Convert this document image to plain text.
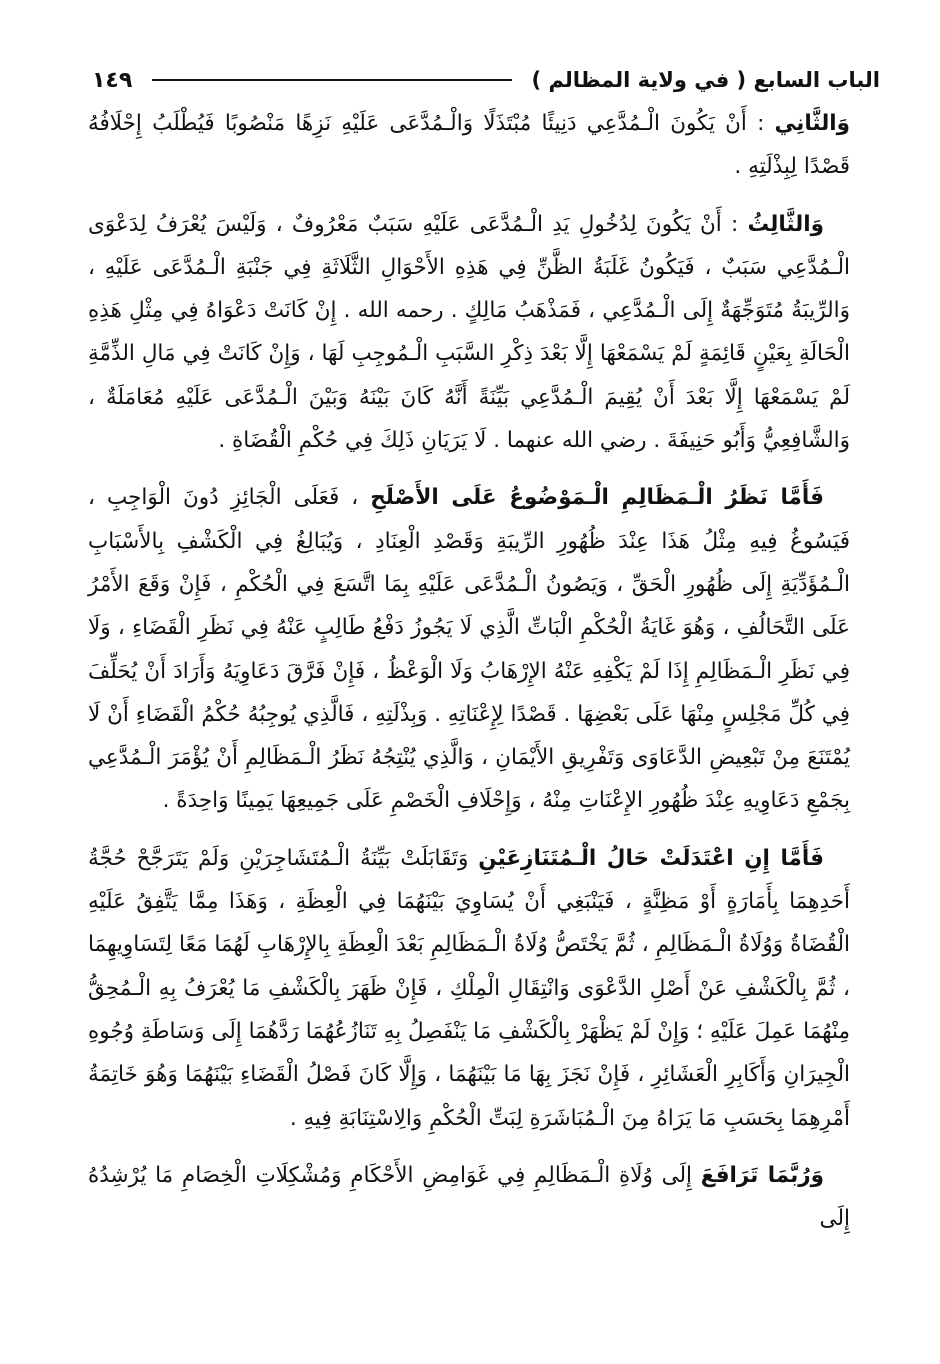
الباب السابع ( في ولاية المظالم )
١٤٩

وَالثَّانِي : أَنْ يَكُونَ الْـمُدَّعِي دَنِيئًا مُبْتَذَلًا وَالْـمُدَّعَى عَلَيْهِ نَزِهًا مَنْصُوبًا فَيُطْلَبُ إِحْلَافُهُ قَصْدًا لِبِذْلَتِهِ .

وَالثَّالِثُ : أَنْ يَكُونَ لِدُخُولِ يَدِ الْـمُدَّعَى عَلَيْهِ سَبَبٌ مَعْرُوفٌ ، وَلَيْسَ يُعْرَفُ لِدَعْوَى الْـمُدَّعِي سَبَبٌ ، فَيَكُونُ غَلَبَةُ الظَّنِّ فِي هَذِهِ الأَحْوَالِ الثَّلَاثَةِ فِي جَنْبَةِ الْـمُدَّعَى عَلَيْهِ ، وَالرِّيبَةُ مُتَوَجِّهَةٌ إِلَى الْـمُدَّعِي ، فَمَذْهَبُ مَالِكٍ . رحمه الله . إِنْ كَانَتْ دَعْوَاهُ فِي مِثْلِ هَذِهِ الْحَالَةِ بِعَيْنٍ قَائِمَةٍ لَمْ يَسْمَعْهَا إِلَّا بَعْدَ ذِكْرِ السَّبَبِ الْـمُوجِبِ لَهَا ، وَإِنْ كَانَتْ فِي مَالِ الذِّمَّةِ لَمْ يَسْمَعْهَا إِلَّا بَعْدَ أَنْ يُقِيمَ الْـمُدَّعِي بَيِّنَةً أَنَّهُ كَانَ بَيْنَهُ وَبَيْنَ الْـمُدَّعَى عَلَيْهِ مُعَامَلَةٌ ، وَالشَّافِعِيُّ وَأَبُو حَنِيفَةَ . رضي الله عنهما . لَا يَرَيَانِ ذَلِكَ فِي حُكْمِ الْقُضَاةِ .

فَأَمَّا نَظَرُ الْـمَظَالِمِ الْـمَوْضُوعُ عَلَى الأَصْلَحِ ، فَعَلَى الْجَائِزِ دُونَ الْوَاجِبِ ، فَيَسُوغُ فِيهِ مِثْلُ هَذَا عِنْدَ ظُهُورِ الرِّيبَةِ وَقَصْدِ الْعِنَادِ ، وَيُبَالِغُ فِي الْكَشْفِ بِالأَسْبَابِ الْـمُؤَدِّيَةِ إِلَى ظُهُورِ الْحَقِّ ، وَيَصُونُ الْـمُدَّعَى عَلَيْهِ بِمَا اتَّسَعَ فِي الْحُكْمِ ، فَإِنْ وَقَعَ الأَمْرُ عَلَى التَّحَالُفِ ، وَهُوَ غَايَةُ الْحُكْمِ الْبَاتِّ الَّذِي لَا يَجُوزُ دَفْعُ طَالِبٍ عَنْهُ فِي نَظَرِ الْقَضَاءِ ، وَلَا فِي نَظَرِ الْـمَظَالِمِ إِذَا لَمْ يَكْفِهِ عَنْهُ الإِرْهَابُ وَلَا الْوَعْظُ ، فَإِنْ فَرَّقَ دَعَاوِيَهُ وَأَرَادَ أَنْ يُحَلِّفَ فِي كُلِّ مَجْلِسٍ مِنْهَا عَلَى بَعْضِهَا . قَصْدًا لِإِعْنَاتِهِ . وَبِذْلَتِهِ ، فَالَّذِي يُوجِبُهُ حُكْمُ الْقَضَاءِ أَنْ لَا يُمْتَنَعَ مِنْ تَبْعِيضِ الدَّعَاوَى وَتَفْرِيقِ الأَيْمَانِ ، وَالَّذِي يُنْتِجُهُ نَظَرُ الْـمَظَالِمِ أَنْ يُؤْمَرَ الْـمُدَّعِي بِجَمْعِ دَعَاوِيهِ عِنْدَ ظُهُورِ الإِعْنَاتِ مِنْهُ ، وَإِحْلَافِ الْخَصْمِ عَلَى جَمِيعِهَا يَمِينًا وَاحِدَةً .

فَأَمَّا إِنِ اعْتَدَلَتْ حَالُ الْـمُتَنَازِعَيْنِ وَتَقَابَلَتْ بَيِّنَةُ الْـمُتَشَاجِرَيْنِ وَلَمْ يَتَرَجَّحْ حُجَّةُ أَحَدِهِمَا بِأَمَارَةٍ أَوْ مَظِنَّةٍ ، فَيَنْبَغِي أَنْ يُسَاوِيَ بَيْنَهُمَا فِي الْعِظَةِ ، وَهَذَا مِمَّا يَتَّفِقُ عَلَيْهِ الْقُضَاةُ وَوُلَاةُ الْـمَظَالِمِ ، ثُمَّ يَخْتَصُّ وُلَاةُ الْـمَظَالِمِ بَعْدَ الْعِظَةِ بِالإِرْهَابِ لَهُمَا مَعًا لِتَسَاوِيهِمَا ، ثُمَّ بِالْكَشْفِ عَنْ أَصْلِ الدَّعْوَى وَانْتِقَالِ الْمِلْكِ ، فَإِنْ ظَهَرَ بِالْكَشْفِ مَا يُعْرَفُ بِهِ الْـمُحِقُّ مِنْهُمَا عَمِلَ عَلَيْهِ ؛ وَإِنْ لَمْ يَظْهَرْ بِالْكَشْفِ مَا يَنْفَصِلُ بِهِ تَنَازُعُهُمَا رَدَّهُمَا إِلَى وَسَاطَةِ وُجُوهِ الْجِيرَانِ وَأَكَابِرِ الْعَشَائِرِ ، فَإِنْ نَجَزَ بِهَا مَا بَيْنَهُمَا ، وَإِلَّا كَانَ فَصْلُ الْقَضَاءِ بَيْنَهُمَا وَهُوَ خَاتِمَةُ أَمْرِهِمَا بِحَسَبِ مَا يَرَاهُ مِنَ الْـمُبَاشَرَةِ لِبَتِّ الْحُكْمِ وَالِاسْتِنَابَةِ فِيهِ .

وَرُبَّمَا تَرَافَعَ إِلَى وُلَاةِ الْـمَظَالِمِ فِي غَوَامِضِ الأَحْكَامِ وَمُشْكِلَاتِ الْخِصَامِ مَا يُرْشِدُهُ إِلَى
